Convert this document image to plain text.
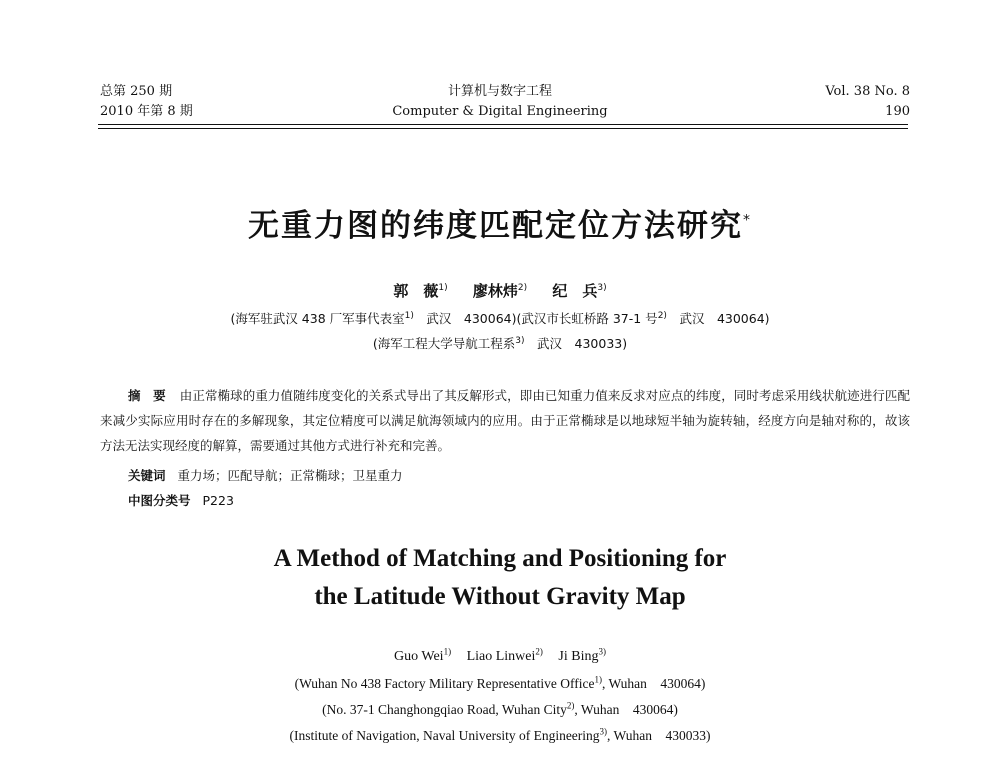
总第 250 期
2010 年第 8 期
计算机与数字工程
Computer & Digital Engineering
Vol. 38 No. 8
190
无重力图的纬度匹配定位方法研究*
郭　薇$^{1)}$ 廖林炜$^{2)}$ 纪　兵$^{3)}$
(海军驻武汉 438 厂军事代表室$^{1)}$　武汉　430064)(武汉市长虹桥路 37-1 号$^{2)}$　武汉　430064)
(海军工程大学导航工程系$^{3)}$　武汉　430033)
摘　要 由正常椭球的重力值随纬度变化的关系式导出了其反解形式，即由已知重力值来反求对应点的纬度，同时考虑采用线状航迹进行匹配来减少实际应用时存在的多解现象，其定位精度可以满足航海领域内的应用。由于正常椭球是以地球短半轴为旋转轴，经度方向是轴对称的，故该方法无法实现经度的解算，需要通过其他方式进行补充和完善。
关键词 重力场；匹配导航；正常椭球；卫星重力
中图分类号 P223
A Method of Matching and Positioning for
the Latitude Without Gravity Map
Guo Wei$^{1)}$ Liao Linwei$^{2)}$ Ji Bing$^{3)}$
(Wuhan No 438 Factory Military Representative Office$^{1)}$, Wuhan　430064)
(No. 37-1 Changhongqiao Road, Wuhan City$^{2)}$, Wuhan　430064)
(Institute of Navigation, Naval University of Engineering$^{3)}$, Wuhan　430033)
